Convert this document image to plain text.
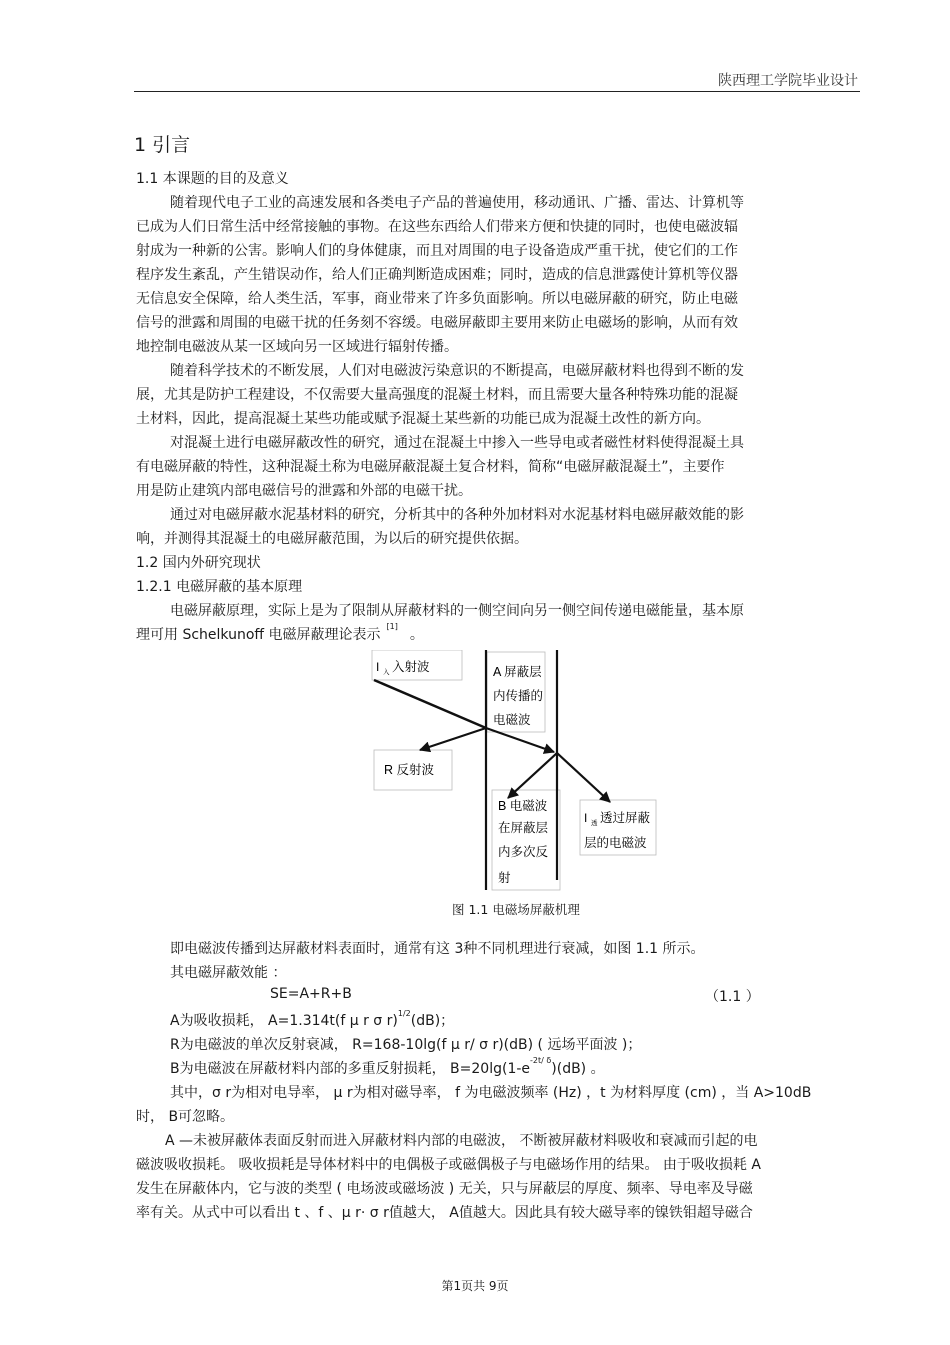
陕西理工学院毕业设计
1 引言
1.1 本课题的目的及意义
随着现代电子工业的高速发展和各类电子产品的普遍使用，移动通讯、广播、雷达、计算机等
已成为人们日常生活中经常接触的事物。在这些东西给人们带来方便和快捷的同时，也使电磁波辐
射成为一种新的公害。影响人们的身体健康，而且对周围的电子设备造成严重干扰，使它们的工作
程序发生紊乱，产生错误动作，给人们正确判断造成困难；同时，造成的信息泄露使计算机等仪器
无信息安全保障，给人类生活，军事，商业带来了许多负面影响。所以电磁屏蔽的研究，防止电磁
信号的泄露和周围的电磁干扰的任务刻不容缓。电磁屏蔽即主要用来防止电磁场的影响，从而有效
地控制电磁波从某一区域向另一区域进行辐射传播。
随着科学技术的不断发展，人们对电磁波污染意识的不断提高，电磁屏蔽材料也得到不断的发
展，尤其是防护工程建设，不仅需要大量高强度的混凝土材料，而且需要大量各种特殊功能的混凝
土材料，因此，提高混凝土某些功能或赋予混凝土某些新的功能已成为混凝土改性的新方向。
对混凝土进行电磁屏蔽改性的研究，通过在混凝土中掺入一些导电或者磁性材料使得混凝土具
有电磁屏蔽的特性，这种混凝土称为电磁屏蔽混凝土复合材料，简称“电磁屏蔽混凝土”，主要作
用是防止建筑内部电磁信号的泄露和外部的电磁干扰。
通过对电磁屏蔽水泥基材料的研究，分析其中的各种外加材料对水泥基材料电磁屏蔽效能的影
响，并测得其混凝土的电磁屏蔽范围，为以后的研究提供依据。
1.2 国内外研究现状
1.2.1 电磁屏蔽的基本原理
电磁屏蔽原理，实际上是为了限制从屏蔽材料的一侧空间向另一侧空间传递电磁能量，基本原
理可用 Schelkunoff 电磁屏蔽理论表示[1]。
I 入 入射波	A 屏蔽层
内传播的
电磁波
R 反射波
B 电磁波
在屏蔽层
内多次反
射
I 透 透过屏蔽
层的电磁波
图 1.1 电磁场屏蔽机理
即电磁波传播到达屏蔽材料表面时，通常有这 3种不同机理进行衰减，如图 1.1 所示。
其电磁屏蔽效能 ：
SE=A+R+B	（1.1 ）
A为吸收损耗， A=1.314t(f μ r σ r)$^{1/2}$(dB)；
R为电磁波的单次反射衰减， R=168-10lg(f μ r/ σ r)(dB) ( 远场平面波 )；
B为电磁波在屏蔽材料内部的多重反射损耗， $B=20\lg(1-e^{-2t/ \delta})(dB)$ 。
其中，σ r为相对电导率， μ r为相对磁导率， f 为电磁波频率 (Hz) ，t 为材料厚度 (cm) ，当 A>10dB
时， B可忽略。
A —未被屏蔽体表面反射而进入屏蔽材料内部的电磁波， 不断被屏蔽材料吸收和衰减而引起的电
磁波吸收损耗。 吸收损耗是导体材料中的电偶极子或磁偶极子与电磁场作用的结果。 由于吸收损耗 A
发生在屏蔽体内，它与波的类型 ( 电场波或磁场波 ) 无关，只与屏蔽层的厚度、频率、导电率及导磁
率有关。从式中可以看出 t 、f 、μ r· σ r值越大， A值越大。因此具有较大磁导率的镍铁钼超导磁合
第1页共 9页
